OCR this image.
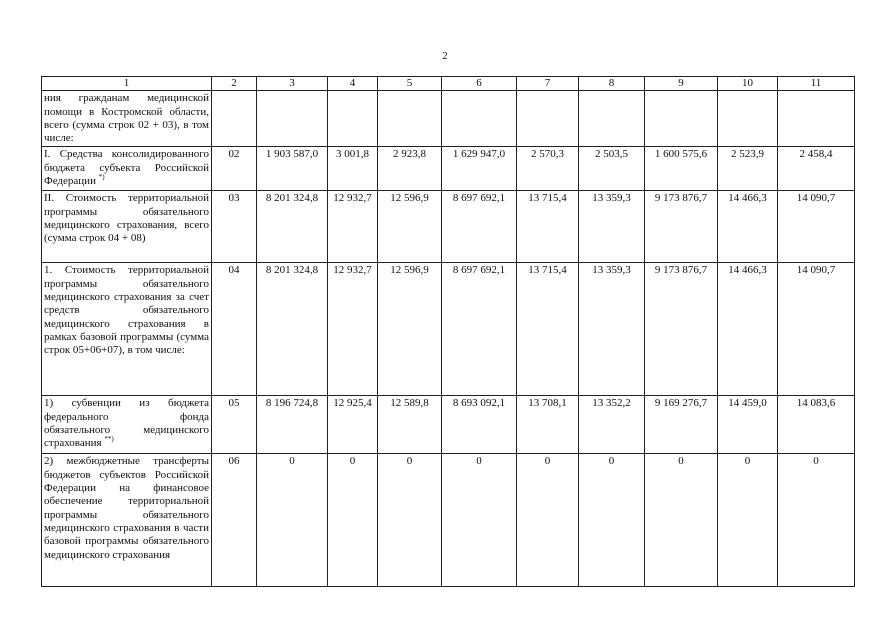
2
1	2	3	4	5	6	7	8	9	10	11
ния гражданам медицинской помощи в Костромской области, всего (сумма строк 02 + 03), в том числе:										
I. Средства консолидированного бюджета субъекта Российской Федерации *)	02	1 903 587,0	3 001,8	2 923,8	1 629 947,0	2 570,3	2 503,5	1 600 575,6	2 523,9	2 458,4
II. Стоимость территориальной программы обязательного медицинского страхования, всего (сумма строк 04 + 08)	03	8 201 324,8	12 932,7	12 596,9	8 697 692,1	13 715,4	13 359,3	9 173 876,7	14 466,3	14 090,7
1. Стоимость территориальной программы обязательного медицинского страхования за счет средств обязательного медицинского страхования в рамках базовой программы (сумма строк 05+06+07), в том числе:	04	8 201 324,8	12 932,7	12 596,9	8 697 692,1	13 715,4	13 359,3	9 173 876,7	14 466,3	14 090,7
1) субвенции из бюджета федерального фонда обязательного медицинского страхования **)	05	8 196 724,8	12 925,4	12 589,8	8 693 092,1	13 708,1	13 352,2	9 169 276,7	14 459,0	14 083,6
2) межбюджетные трансферты бюджетов субъектов Российской Федерации на финансовое обеспечение территориальной программы обязательного медицинского страхования в части базовой программы обязательного медицинского страхования	06	0	0	0	0	0	0	0	0	0
